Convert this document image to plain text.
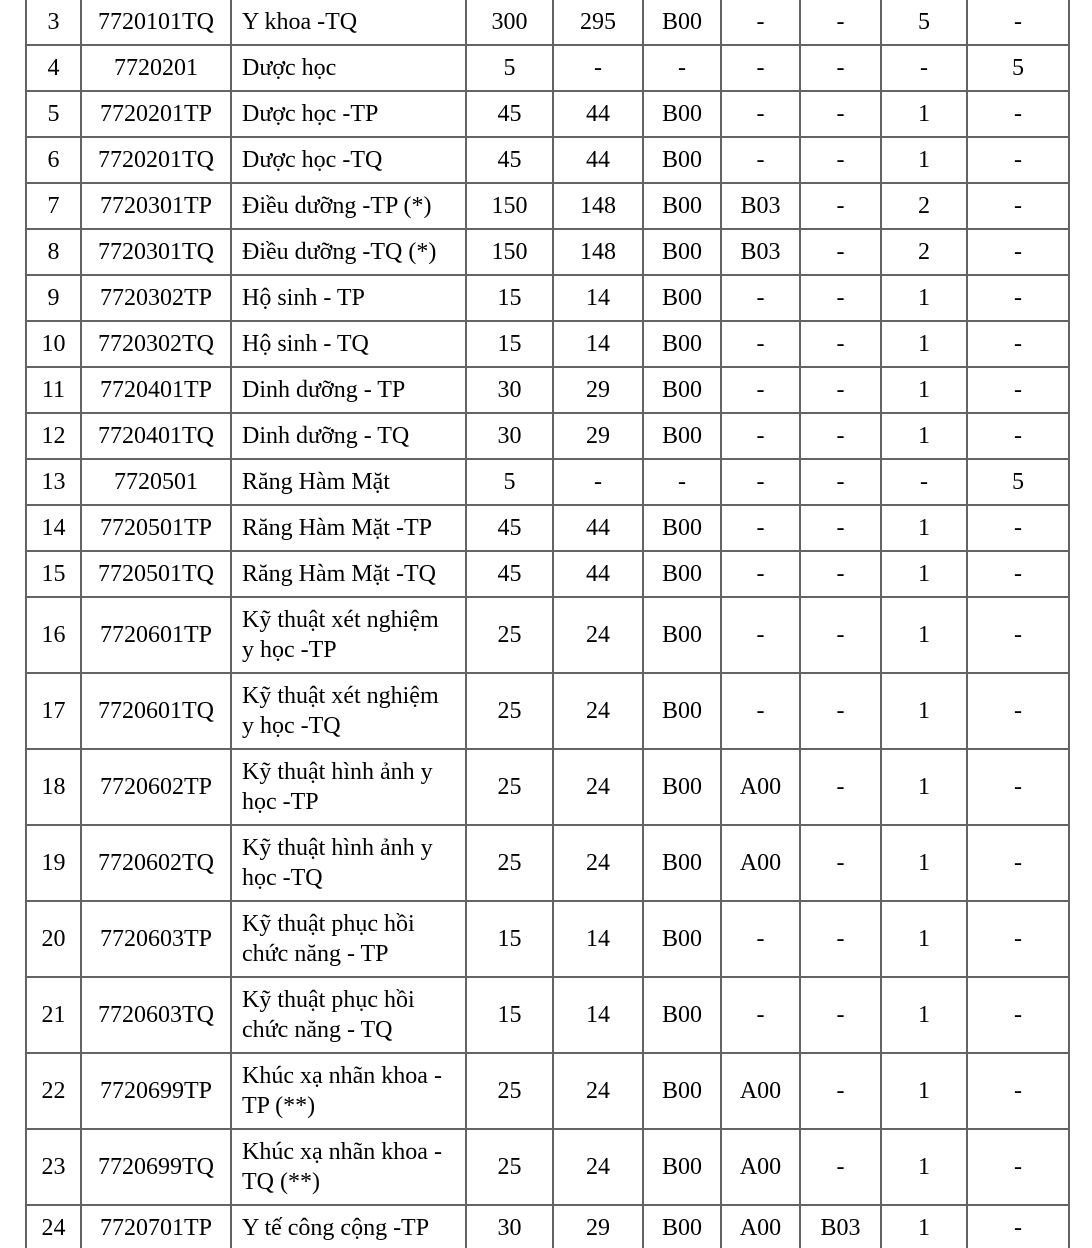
3	7720101TQ	Y khoa -TQ	300	295	B00	-	-	5	-
4	7720201	Dược học	5	-	-	-	-	-	5
5	7720201TP	Dược học -TP	45	44	B00	-	-	1	-
6	7720201TQ	Dược học -TQ	45	44	B00	-	-	1	-
7	7720301TP	Điều dưỡng -TP (*)	150	148	B00	B03	-	2	-
8	7720301TQ	Điều dưỡng -TQ (*)	150	148	B00	B03	-	2	-
9	7720302TP	Hộ sinh - TP	15	14	B00	-	-	1	-
10	7720302TQ	Hộ sinh - TQ	15	14	B00	-	-	1	-
11	7720401TP	Dinh dưỡng - TP	30	29	B00	-	-	1	-
12	7720401TQ	Dinh dưỡng - TQ	30	29	B00	-	-	1	-
13	7720501	Răng Hàm Mặt	5	-	-	-	-	-	5
14	7720501TP	Răng Hàm Mặt -TP	45	44	B00	-	-	1	-
15	7720501TQ	Răng Hàm Mặt -TQ	45	44	B00	-	-	1	-
16	7720601TP	Kỹ thuật xét nghiệm y học -TP	25	24	B00	-	-	1	-
17	7720601TQ	Kỹ thuật xét nghiệm y học -TQ	25	24	B00	-	-	1	-
18	7720602TP	Kỹ thuật hình ảnh y học -TP	25	24	B00	A00	-	1	-
19	7720602TQ	Kỹ thuật hình ảnh y học -TQ	25	24	B00	A00	-	1	-
20	7720603TP	Kỹ thuật phục hồi chức năng - TP	15	14	B00	-	-	1	-
21	7720603TQ	Kỹ thuật phục hồi chức năng - TQ	15	14	B00	-	-	1	-
22	7720699TP	Khúc xạ nhãn khoa - TP (**)	25	24	B00	A00	-	1	-
23	7720699TQ	Khúc xạ nhãn khoa - TQ (**)	25	24	B00	A00	-	1	-
24	7720701TP	Y tế công cộng -TP	30	29	B00	A00	B03	1	-
